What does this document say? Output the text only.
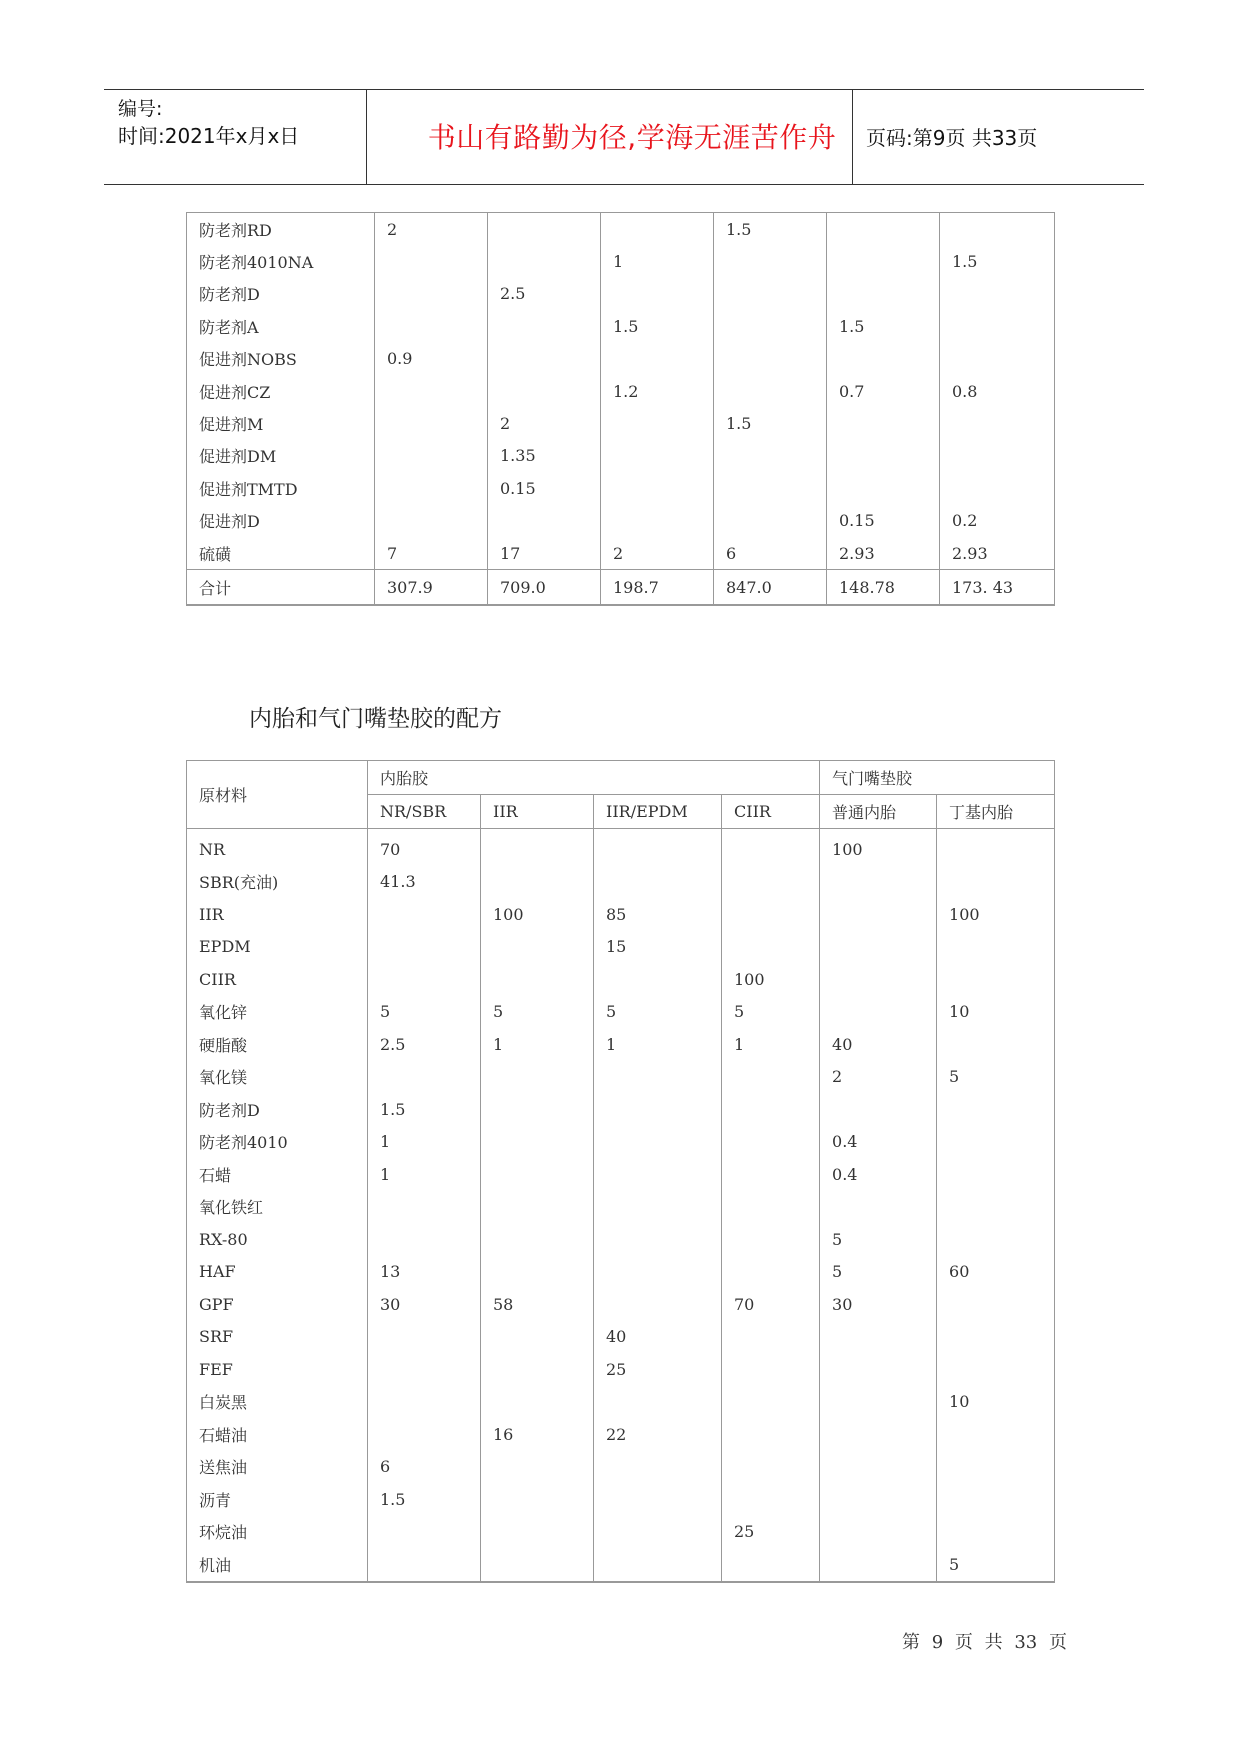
编号:
时间:2021年x月x日	书山有路勤为径,学海无涯苦作舟	页码:第9页 共33页
防老剂RD	2			1.5		
防老剂4010NA			1			1.5
防老剂D		2.5				
防老剂A			1.5		1.5	
促进剂NOBS	0.9					
促进剂CZ			1.2		0.7	0.8
促进剂M		2		1.5		
促进剂DM		1.35				
促进剂TMTD		0.15				
促进剂D					0.15	0.2
硫磺	7	17	2	6	2.93	2.93
合计	307.9	709.0	198.7	847.0	148.78	173. 43
内胎和气门嘴垫胶的配方
原材料	内胎胶				气门嘴垫胶	
	NR/SBR	IIR	IIR/EPDM	CIIR	普通内胎	丁基内胎
NR	70				100	
SBR(充油)	41.3					
IIR		100	85			100
EPDM			15			
CIIR				100		
氧化锌	5	5	5	5		10
硬脂酸	2.5	1	1	1	40	
氧化镁					2	5
防老剂D	1.5					
防老剂4010	1				0.4	
石蜡	1				0.4	
氧化铁红						
RX-80					5	
HAF	13				5	60
GPF	30	58		70	30	
SRF			40			
FEF			25			
白炭黑						10
石蜡油		16	22			
送焦油	6					
沥青	1.5					
环烷油				25		
机油						5
第 9 页 共 33 页
